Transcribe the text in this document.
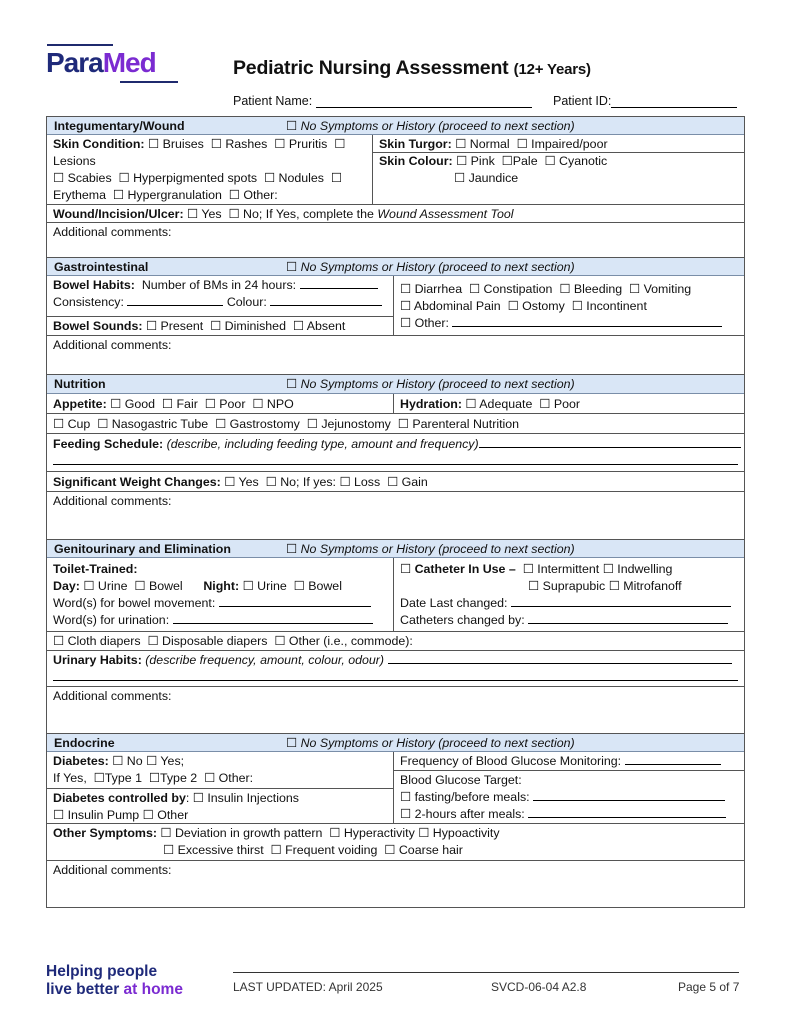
ParaMed	Pediatric Nursing Assessment (12+ Years)
Patient Name:	Patient ID:
Integumentary/Wound	☐ No Symptoms or History (proceed to next section)
Skin Condition: ☐ Bruises ☐ Rashes ☐ Pruritis ☐
Lesions
☐ Scabies ☐ Hyperpigmented spots ☐ Nodules ☐
Erythema ☐ Hypergranulation ☐ Other:
Skin Turgor: ☐ Normal ☐ Impaired/poor
Skin Colour: ☐ Pink ☐Pale ☐ Cyanotic
☐ Jaundice
Wound/Incision/Ulcer: ☐ Yes ☐ No; If Yes, complete the Wound Assessment Tool
Additional comments:
Gastrointestinal	☐ No Symptoms or History (proceed to next section)
Bowel Habits: Number of BMs in 24 hours:
Consistency:	Colour:
Bowel Sounds: ☐ Present ☐ Diminished ☐ Absent
☐ Diarrhea ☐ Constipation ☐ Bleeding ☐ Vomiting
☐ Abdominal Pain ☐ Ostomy ☐ Incontinent
☐ Other:
Additional comments:
Nutrition	☐ No Symptoms or History (proceed to next section)
Appetite: ☐ Good ☐ Fair ☐ Poor ☐ NPO	Hydration: ☐ Adequate ☐ Poor
☐ Cup ☐ Nasogastric Tube ☐ Gastrostomy ☐ Jejunostomy ☐ Parenteral Nutrition
Feeding Schedule: (describe, including feeding type, amount and frequency)
Significant Weight Changes: ☐ Yes ☐ No; If yes: ☐ Loss ☐ Gain
Additional comments:
Genitourinary and Elimination	☐ No Symptoms or History (proceed to next section)
Toilet-Trained:
Day: ☐ Urine ☐ Bowel Night: ☐ Urine ☐ Bowel
Word(s) for bowel movement:
Word(s) for urination:
☐ Catheter In Use – ☐ Intermittent ☐ Indwelling
☐ Suprapubic ☐ Mitrofanoff
Date Last changed:
Catheters changed by:
☐ Cloth diapers ☐ Disposable diapers ☐ Other (i.e., commode):
Urinary Habits: (describe frequency, amount, colour, odour)
Additional comments:
Endocrine	☐ No Symptoms or History (proceed to next section)
Diabetes: ☐ No ☐ Yes;
If Yes, ☐Type 1 ☐Type 2 ☐ Other:
Diabetes controlled by: ☐ Insulin Injections
☐ Insulin Pump ☐ Other
Frequency of Blood Glucose Monitoring:
Blood Glucose Target:
☐ fasting/before meals:
☐ 2-hours after meals:
Other Symptoms: ☐ Deviation in growth pattern ☐ Hyperactivity ☐ Hypoactivity
☐ Excessive thirst ☐ Frequent voiding ☐ Coarse hair
Additional comments:
Helping people
live better at home	LAST UPDATED: April 2025	SVCD-06-04 A2.8	Page 5 of 7
